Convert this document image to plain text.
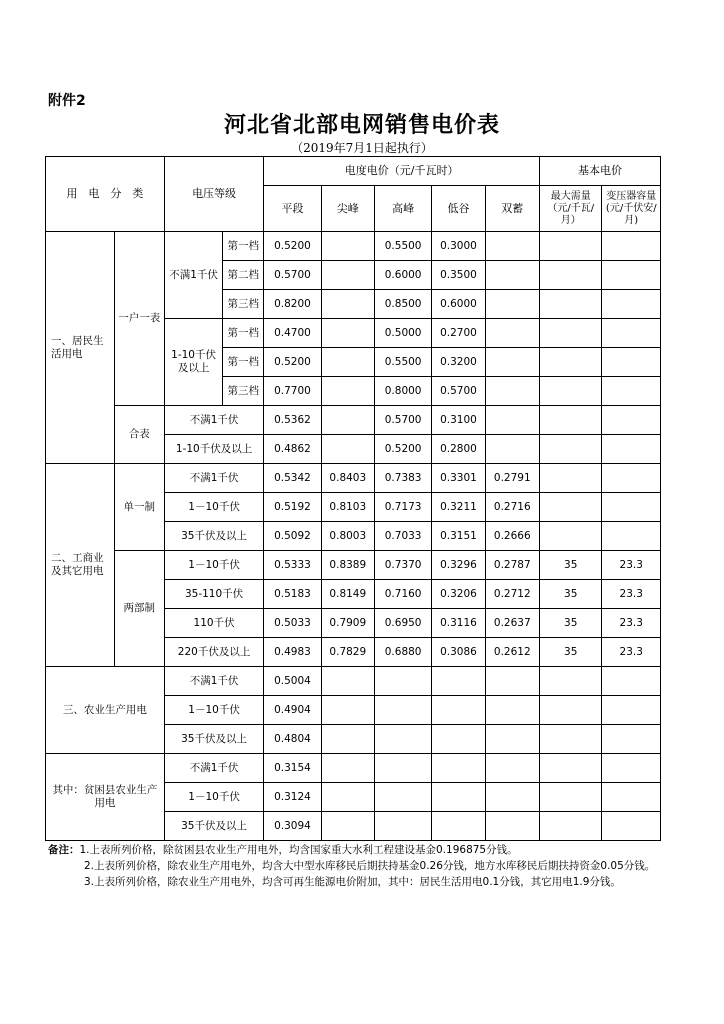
附件2
河北省北部电网销售电价表
（2019年7月1日起执行）
用　电　分　类		电压等级		电度电价（元/千瓦时）					基本电价	
				平段	尖峰	高峰	低谷	双蓄	最大需量（元/千瓦/月）	变压器容量(元/千伏安/月)
一、居民生活用电	一户一表	不满1千伏	第一档	0.5200		0.5500	0.3000			
			第二档	0.5700		0.6000	0.3500			
			第三档	0.8200		0.8500	0.6000			
		1-10千伏及以上	第一档	0.4700		0.5000	0.2700			
			第一档	0.5200		0.5500	0.3200			
			第三档	0.7700		0.8000	0.5700			
	合表	不满1千伏		0.5362		0.5700	0.3100			
		1-10千伏及以上		0.4862		0.5200	0.2800			
二、工商业及其它用电	单一制	不满1千伏		0.5342	0.8403	0.7383	0.3301	0.2791		
		1－10千伏		0.5192	0.8103	0.7173	0.3211	0.2716		
		35千伏及以上		0.5092	0.8003	0.7033	0.3151	0.2666		
	两部制	1－10千伏		0.5333	0.8389	0.7370	0.3296	0.2787	35	23.3
		35-110千伏		0.5183	0.8149	0.7160	0.3206	0.2712	35	23.3
		110千伏		0.5033	0.7909	0.6950	0.3116	0.2637	35	23.3
		220千伏及以上		0.4983	0.7829	0.6880	0.3086	0.2612	35	23.3
三、农业生产用电		不满1千伏		0.5004						
		1－10千伏		0.4904						
		35千伏及以上		0.4804						
其中：贫困县农业生产用电		不满1千伏		0.3154						
		1－10千伏		0.3124						
		35千伏及以上		0.3094						

备注：1.上表所列价格，除贫困县农业生产用电外，均含国家重大水利工程建设基金0.196875分钱。

2.上表所列价格，除农业生产用电外，均含大中型水库移民后期扶持基金0.26分钱，地方水库移民后期扶持资金0.05分钱。

3.上表所列价格，除农业生产用电外，均含可再生能源电价附加，其中：居民生活用电0.1分钱，其它用电1.9分钱。
